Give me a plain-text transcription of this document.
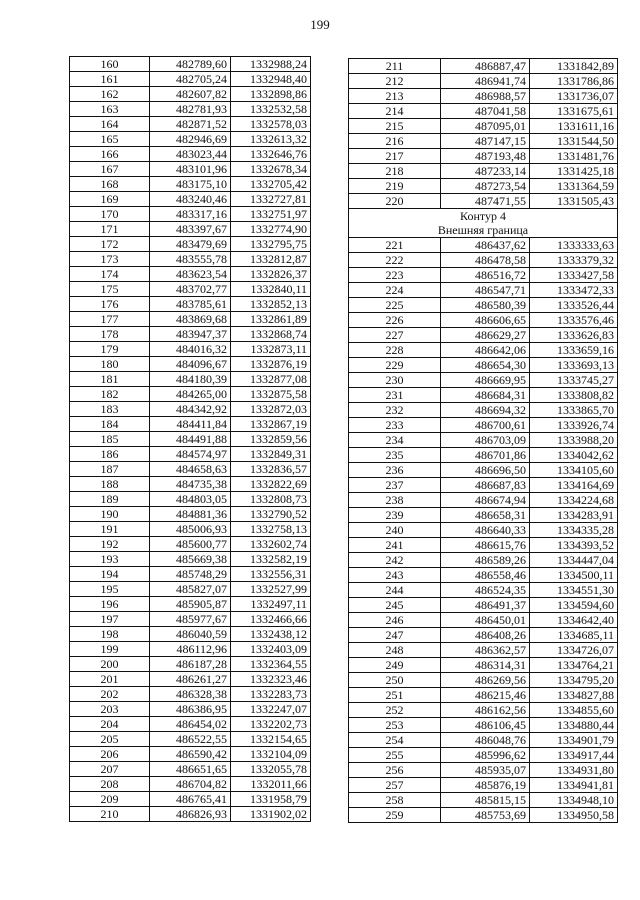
199
160	482789,60	1332988,24
161	482705,24	1332948,40
162	482607,82	1332898,86
163	482781,93	1332532,58
164	482871,52	1332578,03
165	482946,69	1332613,32
166	483023,44	1332646,76
167	483101,96	1332678,34
168	483175,10	1332705,42
169	483240,46	1332727,81
170	483317,16	1332751,97
171	483397,67	1332774,90
172	483479,69	1332795,75
173	483555,78	1332812,87
174	483623,54	1332826,37
175	483702,77	1332840,11
176	483785,61	1332852,13
177	483869,68	1332861,89
178	483947,37	1332868,74
179	484016,32	1332873,11
180	484096,67	1332876,19
181	484180,39	1332877,08
182	484265,00	1332875,58
183	484342,92	1332872,03
184	484411,84	1332867,19
185	484491,88	1332859,56
186	484574,97	1332849,31
187	484658,63	1332836,57
188	484735,38	1332822,69
189	484803,05	1332808,73
190	484881,36	1332790,52
191	485006,93	1332758,13
192	485600,77	1332602,74
193	485669,38	1332582,19
194	485748,29	1332556,31
195	485827,07	1332527,99
196	485905,87	1332497,11
197	485977,67	1332466,66
198	486040,59	1332438,12
199	486112,96	1332403,09
200	486187,28	1332364,55
201	486261,27	1332323,46
202	486328,38	1332283,73
203	486386,95	1332247,07
204	486454,02	1332202,73
205	486522,55	1332154,65
206	486590,42	1332104,09
207	486651,65	1332055,78
208	486704,82	1332011,66
209	486765,41	1331958,79
210	486826,93	1331902,02
211	486887,47	1331842,89
212	486941,74	1331786,86
213	486988,57	1331736,07
214	487041,58	1331675,61
215	487095,01	1331611,16
216	487147,15	1331544,50
217	487193,48	1331481,76
218	487233,14	1331425,18
219	487273,54	1331364,59
220	487471,55	1331505,43
Контур 4		
Внешняя граница		
221	486437,62	1333333,63
222	486478,58	1333379,32
223	486516,72	1333427,58
224	486547,71	1333472,33
225	486580,39	1333526,44
226	486606,65	1333576,46
227	486629,27	1333626,83
228	486642,06	1333659,16
229	486654,30	1333693,13
230	486669,95	1333745,27
231	486684,31	1333808,82
232	486694,32	1333865,70
233	486700,61	1333926,74
234	486703,09	1333988,20
235	486701,86	1334042,62
236	486696,50	1334105,60
237	486687,83	1334164,69
238	486674,94	1334224,68
239	486658,31	1334283,91
240	486640,33	1334335,28
241	486615,76	1334393,52
242	486589,26	1334447,04
243	486558,46	1334500,11
244	486524,35	1334551,30
245	486491,37	1334594,60
246	486450,01	1334642,40
247	486408,26	1334685,11
248	486362,57	1334726,07
249	486314,31	1334764,21
250	486269,56	1334795,20
251	486215,46	1334827,88
252	486162,56	1334855,60
253	486106,45	1334880,44
254	486048,76	1334901,79
255	485996,62	1334917,44
256	485935,07	1334931,80
257	485876,19	1334941,81
258	485815,15	1334948,10
259	485753,69	1334950,58
